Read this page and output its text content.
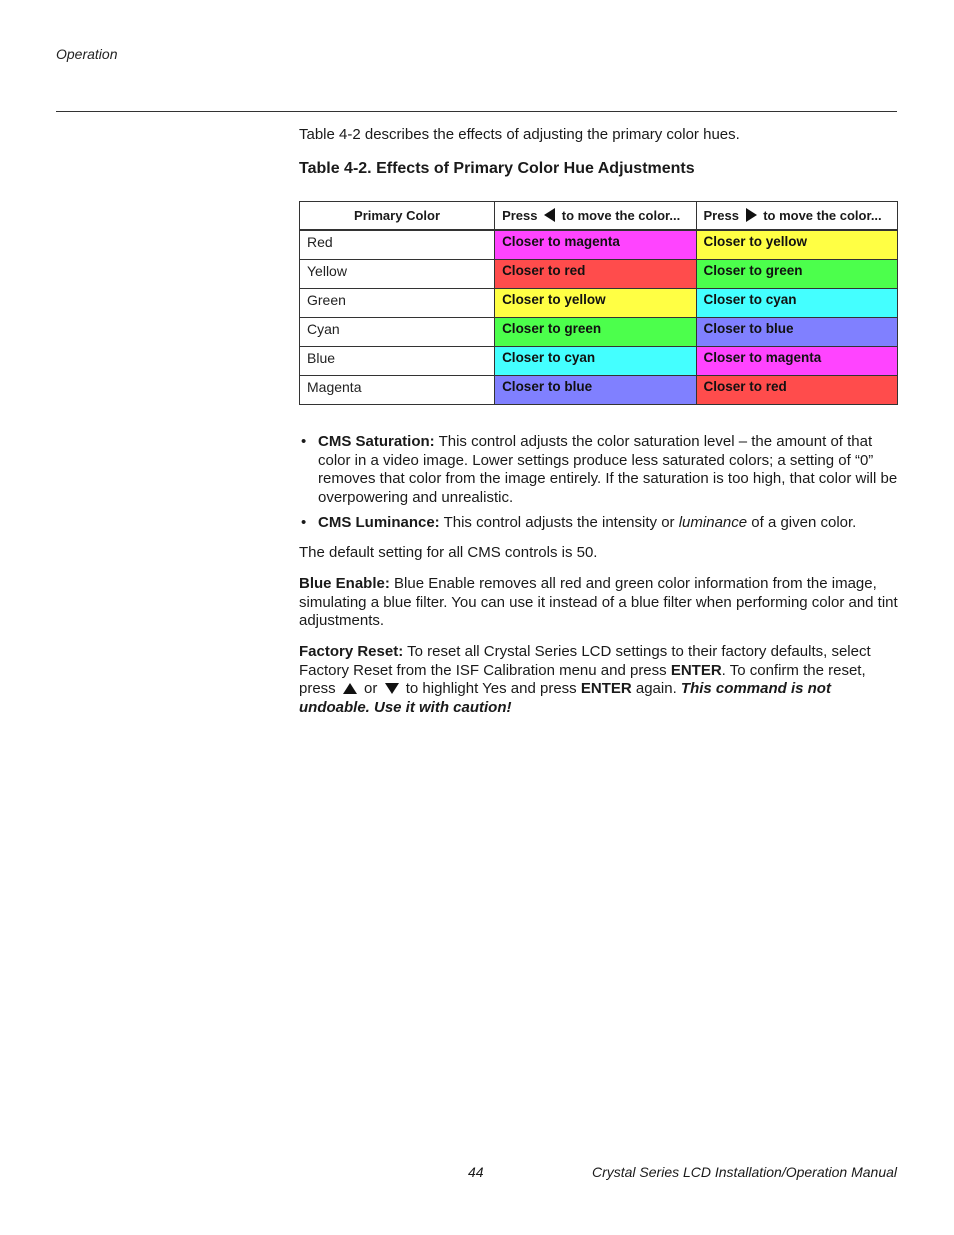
Operation
Table 4-2 describes the effects of adjusting the primary color hues.
Table 4-2. Effects of Primary Color Hue Adjustments
Primary Color	Press to move the color...	Press to move the color...
Red	Closer to magenta	Closer to yellow
Yellow	Closer to red	Closer to green
Green	Closer to yellow	Closer to cyan
Cyan	Closer to green	Closer to blue
Blue	Closer to cyan	Closer to magenta
Magenta	Closer to blue	Closer to red
• CMS Saturation: This control adjusts the color saturation level – the amount of that color in a video image. Lower settings produce less saturated colors; a setting of “0” removes that color from the image entirely. If the saturation is too high, that color will be overpowering and unrealistic.
• CMS Luminance: This control adjusts the intensity or luminance of a given color.
The default setting for all CMS controls is 50.
Blue Enable: Blue Enable removes all red and green color information from the image, simulating a blue filter. You can use it instead of a blue filter when performing color and tint adjustments.
Factory Reset: To reset all Crystal Series LCD settings to their factory defaults, select Factory Reset from the ISF Calibration menu and press ENTER. To confirm the reset, press or to highlight Yes and press ENTER again. This command is not undoable. Use it with caution!
44	Crystal Series LCD Installation/Operation Manual
